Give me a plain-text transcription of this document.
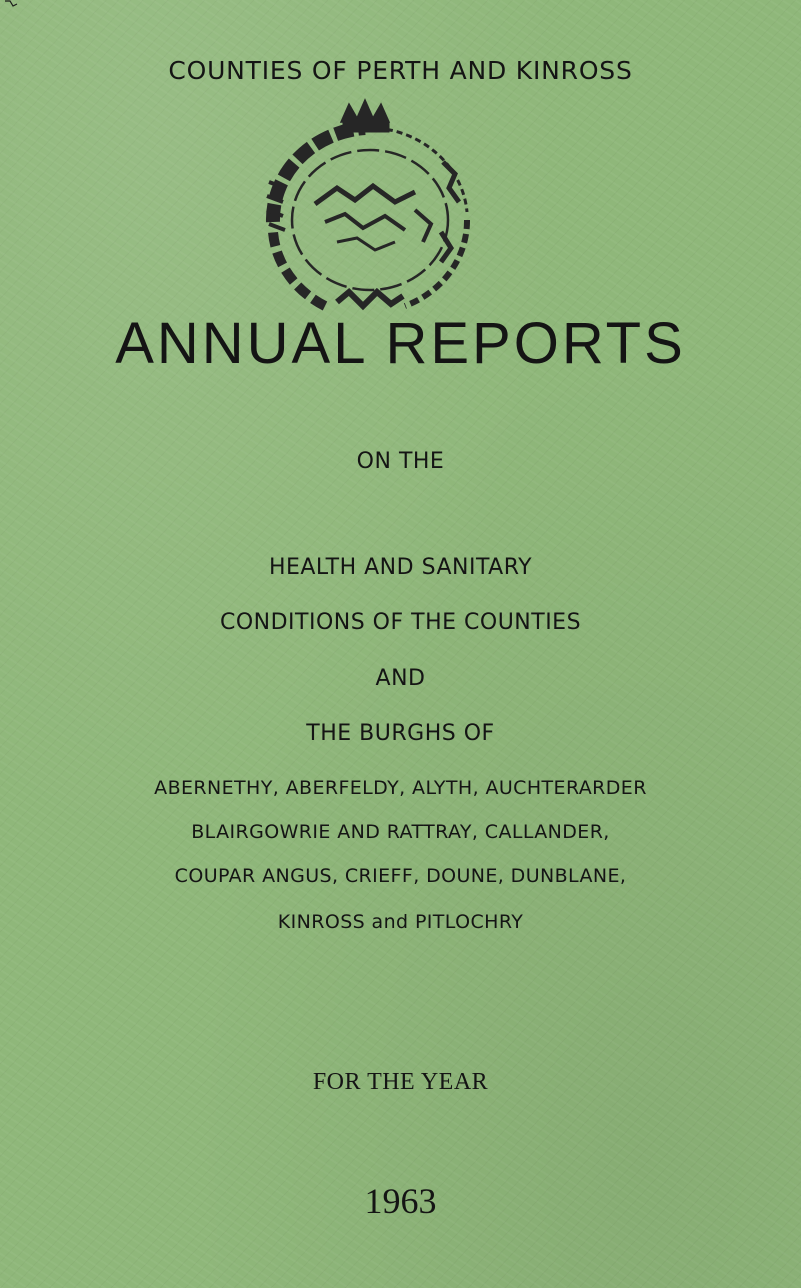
COUNTIES OF PERTH AND KINROSS
ANNUAL REPORTS
ON THE
HEALTH AND SANITARY
CONDITIONS OF THE COUNTIES
AND
THE BURGHS OF
ABERNETHY, ABERFELDY, ALYTH, AUCHTERARDER
BLAIRGOWRIE AND RATTRAY, CALLANDER,
COUPAR ANGUS, CRIEFF, DOUNE, DUNBLANE,
KINROSS and PITLOCHRY
FOR THE YEAR
1963
